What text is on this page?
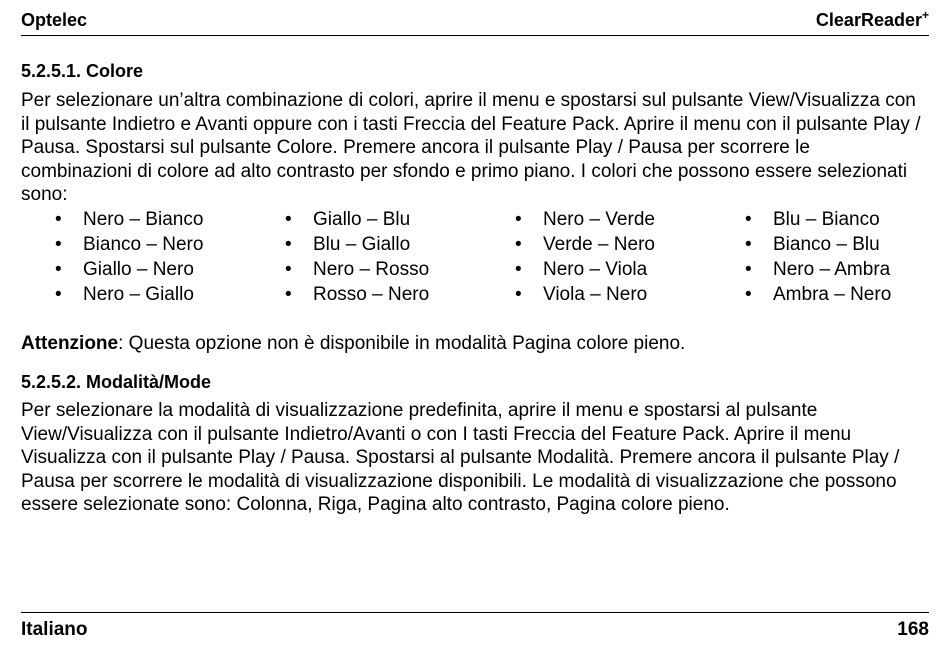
Optelec	ClearReader+
5.2.5.1. Colore

Per selezionare un’altra combinazione di colori, aprire il menu e spostarsi sul pulsante View/Visualizza con il pulsante Indietro e Avanti oppure con i tasti Freccia del Feature Pack. Aprire il menu con il pulsante Play / Pausa. Spostarsi sul pulsante Colore. Premere ancora il pulsante Play / Pausa per scorrere le combinazioni di colore ad alto contrasto per sfondo e primo piano. I colori che possono essere selezionati sono:

• Nero – Bianco
• Bianco – Nero
• Giallo – Nero
• Nero – Giallo
• Giallo – Blu
• Blu – Giallo
• Nero – Rosso
• Rosso – Nero
• Nero – Verde
• Verde – Nero
• Nero – Viola
• Viola – Nero
• Blu – Bianco
• Bianco – Blu
• Nero – Ambra
• Ambra – Nero

Attenzione: Questa opzione non è disponibile in modalità Pagina colore pieno.

5.2.5.2. Modalità/Mode

Per selezionare la modalità di visualizzazione predefinita, aprire il menu e spostarsi al pulsante View/Visualizza con il pulsante Indietro/Avanti o con I tasti Freccia del Feature Pack. Aprire il menu Visualizza con il pulsante Play / Pausa. Spostarsi al pulsante Modalità. Premere ancora il pulsante Play / Pausa per scorrere le modalità di visualizzazione disponibili. Le modalità di visualizzazione che possono essere selezionate sono: Colonna, Riga, Pagina alto contrasto, Pagina colore pieno.

Italiano	168
